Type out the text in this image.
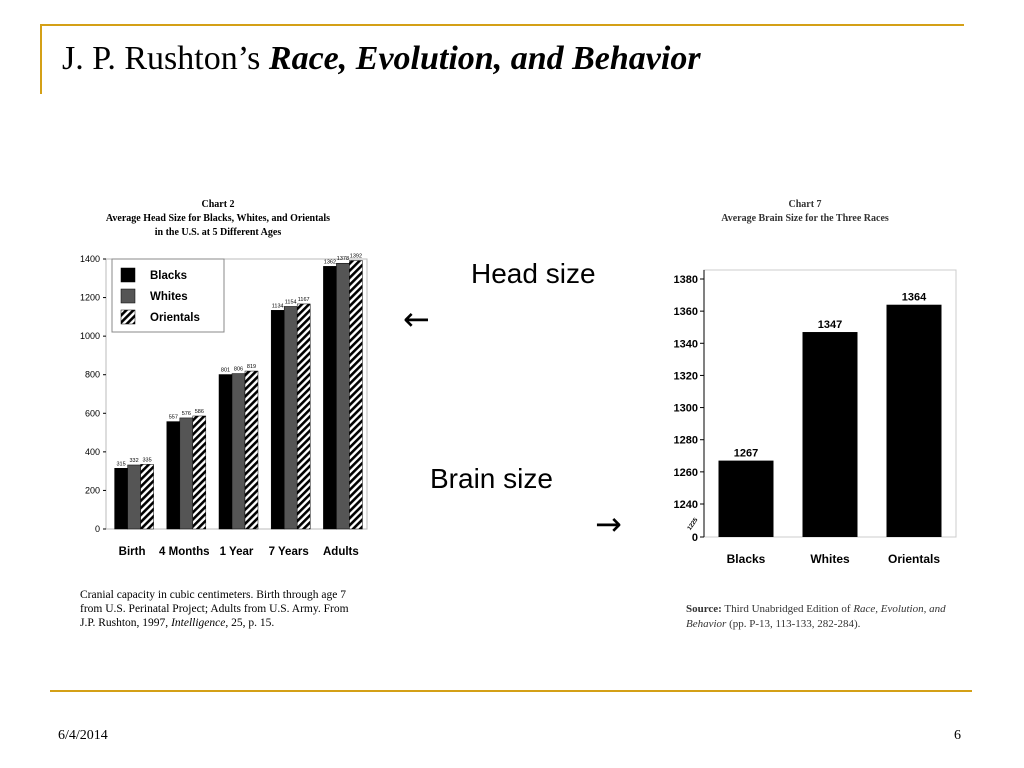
J. P. Rushton’s Race, Evolution, and Behavior
Chart 2
Average Head Size for Blacks, Whites, and Orientals
in the U.S. at 5 Different Ages
0
200
400
600
800
1000
1200
1400
315
332 335
Birth
557
576 586
4 Months
801 806 819
1 Year
1134
1154 1167
7 Years
1362
1378 1392
Adults
Blacks
Whites
Orientals
Cranial capacity in cubic centimeters. Birth through age 7
from U.S. Perinatal Project; Adults from U.S. Army. From
J.P. Rushton, 1997, Intelligence, 25, p. 15.
Head size
←
Brain size
→
Chart 7
Average Brain Size for the Three Races
0
1240
1260
1280
1300
1320
1340
1360
1380
1225
1267
Blacks
1347
Whites
1364
Orientals
Source: Third Unabridged Edition of Race, Evolution, and Behavior (pp. P-13, 113-133, 282-284).
6/4/2014	6
